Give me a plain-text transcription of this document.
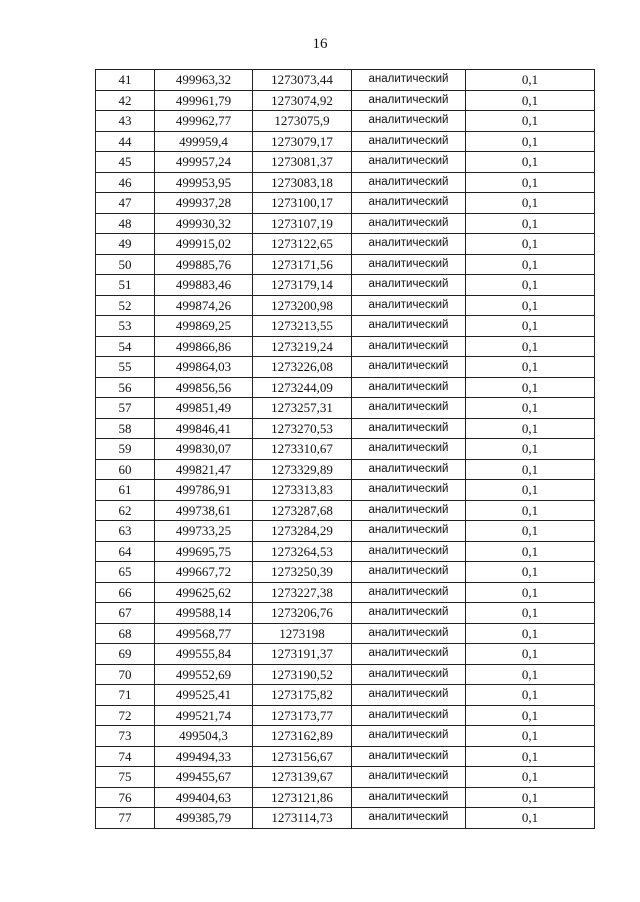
16
41	499963,32	1273073,44	аналитический	0,1
42	499961,79	1273074,92	аналитический	0,1
43	499962,77	1273075,9	аналитический	0,1
44	499959,4	1273079,17	аналитический	0,1
45	499957,24	1273081,37	аналитический	0,1
46	499953,95	1273083,18	аналитический	0,1
47	499937,28	1273100,17	аналитический	0,1
48	499930,32	1273107,19	аналитический	0,1
49	499915,02	1273122,65	аналитический	0,1
50	499885,76	1273171,56	аналитический	0,1
51	499883,46	1273179,14	аналитический	0,1
52	499874,26	1273200,98	аналитический	0,1
53	499869,25	1273213,55	аналитический	0,1
54	499866,86	1273219,24	аналитический	0,1
55	499864,03	1273226,08	аналитический	0,1
56	499856,56	1273244,09	аналитический	0,1
57	499851,49	1273257,31	аналитический	0,1
58	499846,41	1273270,53	аналитический	0,1
59	499830,07	1273310,67	аналитический	0,1
60	499821,47	1273329,89	аналитический	0,1
61	499786,91	1273313,83	аналитический	0,1
62	499738,61	1273287,68	аналитический	0,1
63	499733,25	1273284,29	аналитический	0,1
64	499695,75	1273264,53	аналитический	0,1
65	499667,72	1273250,39	аналитический	0,1
66	499625,62	1273227,38	аналитический	0,1
67	499588,14	1273206,76	аналитический	0,1
68	499568,77	1273198	аналитический	0,1
69	499555,84	1273191,37	аналитический	0,1
70	499552,69	1273190,52	аналитический	0,1
71	499525,41	1273175,82	аналитический	0,1
72	499521,74	1273173,77	аналитический	0,1
73	499504,3	1273162,89	аналитический	0,1
74	499494,33	1273156,67	аналитический	0,1
75	499455,67	1273139,67	аналитический	0,1
76	499404,63	1273121,86	аналитический	0,1
77	499385,79	1273114,73	аналитический	0,1
